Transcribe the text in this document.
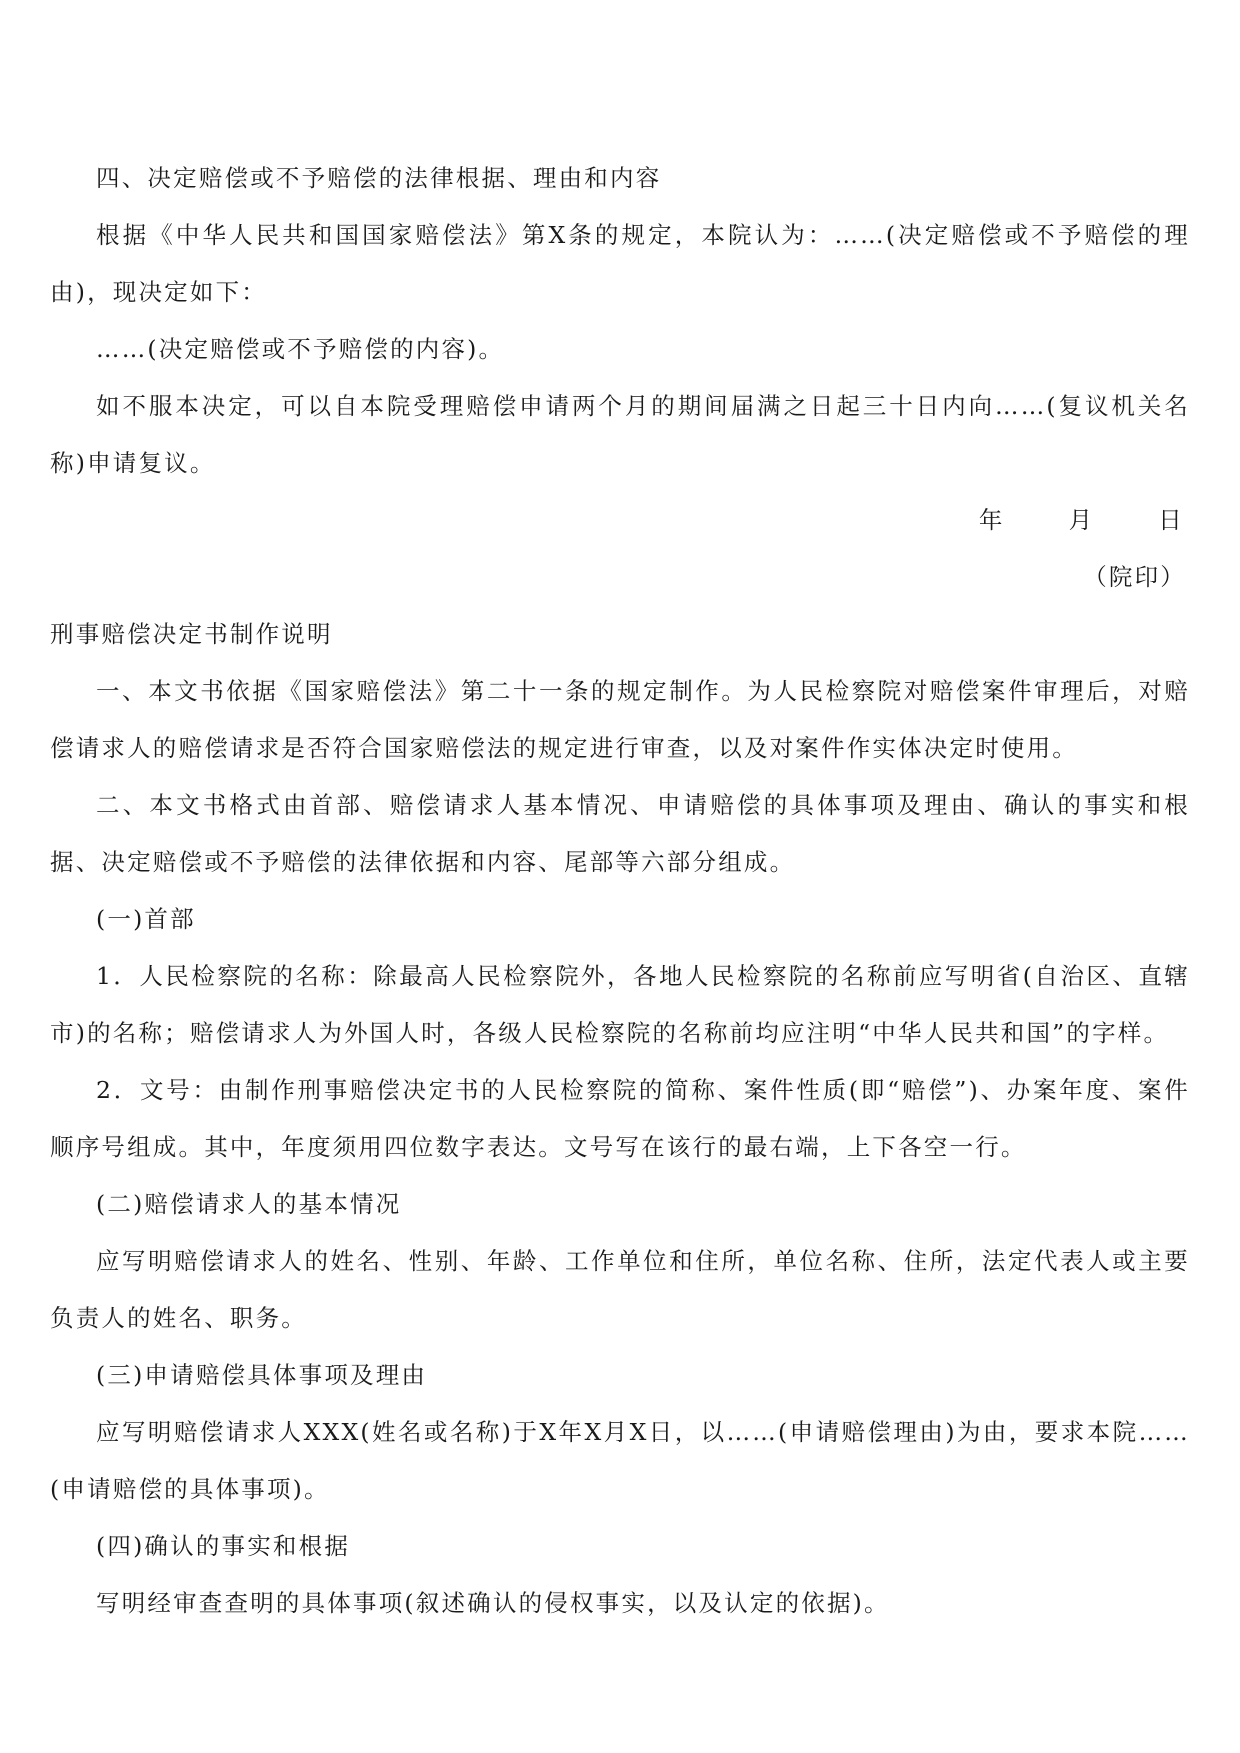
四、决定赔偿或不予赔偿的法律根据、理由和内容

根据《中华人民共和国国家赔偿法》第X条的规定，本院认为：……(决定赔偿或不予赔偿的理由)，现决定如下：

……(决定赔偿或不予赔偿的内容)。

如不服本决定，可以自本院受理赔偿申请两个月的期间届满之日起三十日内向……(复议机关名称)申请复议。

年	月	日

（院印）

刑事赔偿决定书制作说明

一、本文书依据《国家赔偿法》第二十一条的规定制作。为人民检察院对赔偿案件审理后，对赔偿请求人的赔偿请求是否符合国家赔偿法的规定进行审查，以及对案件作实体决定时使用。

二、本文书格式由首部、赔偿请求人基本情况、申请赔偿的具体事项及理由、确认的事实和根据、决定赔偿或不予赔偿的法律依据和内容、尾部等六部分组成。

(一)首部

1．人民检察院的名称：除最高人民检察院外，各地人民检察院的名称前应写明省(自治区、直辖市)的名称；赔偿请求人为外国人时，各级人民检察院的名称前均应注明“中华人民共和国”的字样。

2．文号：由制作刑事赔偿决定书的人民检察院的简称、案件性质(即“赔偿”)、办案年度、案件顺序号组成。其中，年度须用四位数字表达。文号写在该行的最右端，上下各空一行。

(二)赔偿请求人的基本情况

应写明赔偿请求人的姓名、性别、年龄、工作单位和住所，单位名称、住所，法定代表人或主要负责人的姓名、职务。

(三)申请赔偿具体事项及理由

应写明赔偿请求人XXX(姓名或名称)于X年X月X日，以……(申请赔偿理由)为由，要求本院……(申请赔偿的具体事项)。

(四)确认的事实和根据

写明经审查查明的具体事项(叙述确认的侵权事实，以及认定的依据)。
